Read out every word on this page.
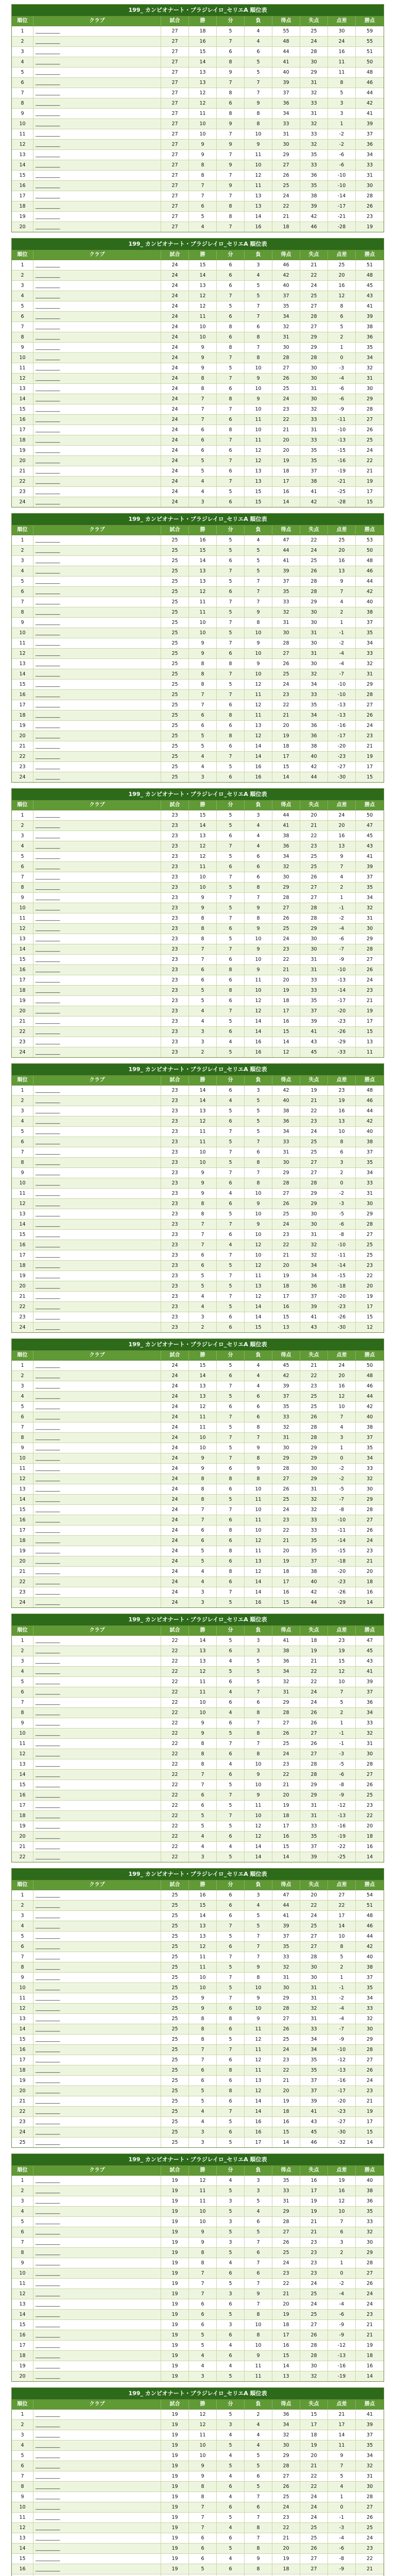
199_ カンピオナート・ブラジレイロ_セリエA 順位表
順位	クラブ	試合	勝	分	負	得点	失点	点差	勝点
1	__________	27	18	5	4	55	25	30	59
2	__________	27	16	7	4	48	24	24	55
3	__________	27	15	6	6	44	28	16	51
4	__________	27	14	8	5	41	30	11	50
5	__________	27	13	9	5	40	29	11	48
6	__________	27	13	7	7	39	31	8	46
7	__________	27	12	8	7	37	32	5	44
8	__________	27	12	6	9	36	33	3	42
9	__________	27	11	8	8	34	31	3	41
10	__________	27	10	9	8	33	32	1	39
11	__________	27	10	7	10	31	33	-2	37
12	__________	27	9	9	9	30	32	-2	36
13	__________	27	9	7	11	29	35	-6	34
14	__________	27	8	9	10	27	33	-6	33
15	__________	27	8	7	12	26	36	-10	31
16	__________	27	7	9	11	25	35	-10	30
17	__________	27	7	7	13	24	38	-14	28
18	__________	27	6	8	13	22	39	-17	26
19	__________	27	5	8	14	21	42	-21	23
20	__________	27	4	7	16	18	46	-28	19
199_ カンピオナート・ブラジレイロ_セリエA 順位表
順位	クラブ	試合	勝	分	負	得点	失点	点差	勝点
1	__________	24	15	6	3	46	21	25	51
2	__________	24	14	6	4	42	22	20	48
3	__________	24	13	6	5	40	24	16	45
4	__________	24	12	7	5	37	25	12	43
5	__________	24	12	5	7	35	27	8	41
6	__________	24	11	6	7	34	28	6	39
7	__________	24	10	8	6	32	27	5	38
8	__________	24	10	6	8	31	29	2	36
9	__________	24	9	8	7	30	29	1	35
10	__________	24	9	7	8	28	28	0	34
11	__________	24	9	5	10	27	30	-3	32
12	__________	24	8	7	9	26	30	-4	31
13	__________	24	8	6	10	25	31	-6	30
14	__________	24	7	8	9	24	30	-6	29
15	__________	24	7	7	10	23	32	-9	28
16	__________	24	7	6	11	22	33	-11	27
17	__________	24	6	8	10	21	31	-10	26
18	__________	24	6	7	11	20	33	-13	25
19	__________	24	6	6	12	20	35	-15	24
20	__________	24	5	7	12	19	35	-16	22
21	__________	24	5	6	13	18	37	-19	21
22	__________	24	4	7	13	17	38	-21	19
23	__________	24	4	5	15	16	41	-25	17
24	__________	24	3	6	15	14	42	-28	15
199_ カンピオナート・ブラジレイロ_セリエA 順位表
順位	クラブ	試合	勝	分	負	得点	失点	点差	勝点
1	__________	25	16	5	4	47	22	25	53
2	__________	25	15	5	5	44	24	20	50
3	__________	25	14	6	5	41	25	16	48
4	__________	25	13	7	5	39	26	13	46
5	__________	25	13	5	7	37	28	9	44
6	__________	25	12	6	7	35	28	7	42
7	__________	25	11	7	7	33	29	4	40
8	__________	25	11	5	9	32	30	2	38
9	__________	25	10	7	8	31	30	1	37
10	__________	25	10	5	10	30	31	-1	35
11	__________	25	9	7	9	28	30	-2	34
12	__________	25	9	6	10	27	31	-4	33
13	__________	25	8	8	9	26	30	-4	32
14	__________	25	8	7	10	25	32	-7	31
15	__________	25	8	5	12	24	34	-10	29
16	__________	25	7	7	11	23	33	-10	28
17	__________	25	7	6	12	22	35	-13	27
18	__________	25	6	8	11	21	34	-13	26
19	__________	25	6	6	13	20	36	-16	24
20	__________	25	5	8	12	19	36	-17	23
21	__________	25	5	6	14	18	38	-20	21
22	__________	25	4	7	14	17	40	-23	19
23	__________	25	4	5	16	15	42	-27	17
24	__________	25	3	6	16	14	44	-30	15
199_ カンピオナート・ブラジレイロ_セリエA 順位表
順位	クラブ	試合	勝	分	負	得点	失点	点差	勝点
1	__________	23	15	5	3	44	20	24	50
2	__________	23	14	5	4	41	21	20	47
3	__________	23	13	6	4	38	22	16	45
4	__________	23	12	7	4	36	23	13	43
5	__________	23	12	5	6	34	25	9	41
6	__________	23	11	6	6	32	25	7	39
7	__________	23	10	7	6	30	26	4	37
8	__________	23	10	5	8	29	27	2	35
9	__________	23	9	7	7	28	27	1	34
10	__________	23	9	5	9	27	28	-1	32
11	__________	23	8	7	8	26	28	-2	31
12	__________	23	8	6	9	25	29	-4	30
13	__________	23	8	5	10	24	30	-6	29
14	__________	23	7	7	9	23	30	-7	28
15	__________	23	7	6	10	22	31	-9	27
16	__________	23	6	8	9	21	31	-10	26
17	__________	23	6	6	11	20	33	-13	24
18	__________	23	5	8	10	19	33	-14	23
19	__________	23	5	6	12	18	35	-17	21
20	__________	23	4	7	12	17	37	-20	19
21	__________	23	4	5	14	16	39	-23	17
22	__________	23	3	6	14	15	41	-26	15
23	__________	23	3	4	16	14	43	-29	13
24	__________	23	2	5	16	12	45	-33	11
199_ カンピオナート・ブラジレイロ_セリエA 順位表
順位	クラブ	試合	勝	分	負	得点	失点	点差	勝点
1	__________	23	14	6	3	42	19	23	48
2	__________	23	14	4	5	40	21	19	46
3	__________	23	13	5	5	38	22	16	44
4	__________	23	12	6	5	36	23	13	42
5	__________	23	11	7	5	34	24	10	40
6	__________	23	11	5	7	33	25	8	38
7	__________	23	10	7	6	31	25	6	37
8	__________	23	10	5	8	30	27	3	35
9	__________	23	9	7	7	29	27	2	34
10	__________	23	9	6	8	28	28	0	33
11	__________	23	9	4	10	27	29	-2	31
12	__________	23	8	6	9	26	29	-3	30
13	__________	23	8	5	10	25	30	-5	29
14	__________	23	7	7	9	24	30	-6	28
15	__________	23	7	6	10	23	31	-8	27
16	__________	23	7	4	12	22	32	-10	25
17	__________	23	6	7	10	21	32	-11	25
18	__________	23	6	5	12	20	34	-14	23
19	__________	23	5	7	11	19	34	-15	22
20	__________	23	5	5	13	18	36	-18	20
21	__________	23	4	7	12	17	37	-20	19
22	__________	23	4	5	14	16	39	-23	17
23	__________	23	3	6	14	15	41	-26	15
24	__________	23	2	6	15	13	43	-30	12
199_ カンピオナート・ブラジレイロ_セリエA 順位表
順位	クラブ	試合	勝	分	負	得点	失点	点差	勝点
1	__________	24	15	5	4	45	21	24	50
2	__________	24	14	6	4	42	22	20	48
3	__________	24	13	7	4	39	23	16	46
4	__________	24	13	5	6	37	25	12	44
5	__________	24	12	6	6	35	25	10	42
6	__________	24	11	7	6	33	26	7	40
7	__________	24	11	5	8	32	28	4	38
8	__________	24	10	7	7	31	28	3	37
9	__________	24	10	5	9	30	29	1	35
10	__________	24	9	7	8	29	29	0	34
11	__________	24	9	6	9	28	30	-2	33
12	__________	24	8	8	8	27	29	-2	32
13	__________	24	8	6	10	26	31	-5	30
14	__________	24	8	5	11	25	32	-7	29
15	__________	24	7	7	10	24	32	-8	28
16	__________	24	7	6	11	23	33	-10	27
17	__________	24	6	8	10	22	33	-11	26
18	__________	24	6	6	12	21	35	-14	24
19	__________	24	5	8	11	20	35	-15	23
20	__________	24	5	6	13	19	37	-18	21
21	__________	24	4	8	12	18	38	-20	20
22	__________	24	4	6	14	17	40	-23	18
23	__________	24	3	7	14	16	42	-26	16
24	__________	24	3	5	16	15	44	-29	14
199_ カンピオナート・ブラジレイロ_セリエA 順位表
順位	クラブ	試合	勝	分	負	得点	失点	点差	勝点
1	__________	22	14	5	3	41	18	23	47
2	__________	22	13	6	3	38	19	19	45
3	__________	22	13	4	5	36	21	15	43
4	__________	22	12	5	5	34	22	12	41
5	__________	22	11	6	5	32	22	10	39
6	__________	22	11	4	7	31	24	7	37
7	__________	22	10	6	6	29	24	5	36
8	__________	22	10	4	8	28	26	2	34
9	__________	22	9	6	7	27	26	1	33
10	__________	22	9	5	8	26	27	-1	32
11	__________	22	8	7	7	25	26	-1	31
12	__________	22	8	6	8	24	27	-3	30
13	__________	22	8	4	10	23	28	-5	28
14	__________	22	7	6	9	22	28	-6	27
15	__________	22	7	5	10	21	29	-8	26
16	__________	22	6	7	9	20	29	-9	25
17	__________	22	6	5	11	19	31	-12	23
18	__________	22	5	7	10	18	31	-13	22
19	__________	22	5	5	12	17	33	-16	20
20	__________	22	4	6	12	16	35	-19	18
21	__________	22	4	4	14	15	37	-22	16
22	__________	22	3	5	14	14	39	-25	14
199_ カンピオナート・ブラジレイロ_セリエA 順位表
順位	クラブ	試合	勝	分	負	得点	失点	点差	勝点
1	__________	25	16	6	3	47	20	27	54
2	__________	25	15	6	4	44	22	22	51
3	__________	25	14	6	5	41	24	17	48
4	__________	25	13	7	5	39	25	14	46
5	__________	25	13	5	7	37	27	10	44
6	__________	25	12	6	7	35	27	8	42
7	__________	25	11	7	7	33	28	5	40
8	__________	25	11	5	9	32	30	2	38
9	__________	25	10	7	8	31	30	1	37
10	__________	25	10	5	10	30	31	-1	35
11	__________	25	9	7	9	29	31	-2	34
12	__________	25	9	6	10	28	32	-4	33
13	__________	25	8	8	9	27	31	-4	32
14	__________	25	8	6	11	26	33	-7	30
15	__________	25	8	5	12	25	34	-9	29
16	__________	25	7	7	11	24	34	-10	28
17	__________	25	7	6	12	23	35	-12	27
18	__________	25	6	8	11	22	35	-13	26
19	__________	25	6	6	13	21	37	-16	24
20	__________	25	5	8	12	20	37	-17	23
21	__________	25	5	6	14	19	39	-20	21
22	__________	25	4	7	14	18	41	-23	19
23	__________	25	4	5	16	16	43	-27	17
24	__________	25	3	6	16	15	45	-30	15
25	__________	25	3	5	17	14	46	-32	14
199_ カンピオナート・ブラジレイロ_セリエA 順位表
順位	クラブ	試合	勝	分	負	得点	失点	点差	勝点
1	__________	19	12	4	3	35	16	19	40
2	__________	19	11	5	3	33	17	16	38
3	__________	19	11	3	5	31	19	12	36
4	__________	19	10	5	4	29	19	10	35
5	__________	19	10	3	6	28	21	7	33
6	__________	19	9	5	5	27	21	6	32
7	__________	19	9	3	7	26	23	3	30
8	__________	19	8	5	6	25	23	2	29
9	__________	19	8	4	7	24	23	1	28
10	__________	19	7	6	6	23	23	0	27
11	__________	19	7	5	7	22	24	-2	26
12	__________	19	7	3	9	21	25	-4	24
13	__________	19	6	6	7	20	24	-4	24
14	__________	19	6	5	8	19	25	-6	23
15	__________	19	6	3	10	18	27	-9	21
16	__________	19	5	6	8	17	26	-9	21
17	__________	19	5	4	10	16	28	-12	19
18	__________	19	4	6	9	15	28	-13	18
19	__________	19	4	4	11	14	30	-16	16
20	__________	19	3	5	11	13	32	-19	14
199_ カンピオナート・ブラジレイロ_セリエA 順位表
順位	クラブ	試合	勝	分	負	得点	失点	点差	勝点
1	__________	19	12	5	2	36	15	21	41
2	__________	19	12	3	4	34	17	17	39
3	__________	19	11	4	4	32	18	14	37
4	__________	19	10	5	4	30	19	11	35
5	__________	19	10	4	5	29	20	9	34
6	__________	19	9	5	5	28	21	7	32
7	__________	19	9	4	6	27	22	5	31
8	__________	19	8	6	5	26	22	4	30
9	__________	19	8	4	7	25	24	1	28
10	__________	19	7	6	6	24	24	0	27
11	__________	19	7	5	7	23	24	-1	26
12	__________	19	7	4	8	22	25	-3	25
13	__________	19	6	6	7	21	25	-4	24
14	__________	19	6	5	8	20	26	-6	23
15	__________	19	6	4	9	19	27	-8	22
16	__________	19	5	6	8	18	27	-9	21
